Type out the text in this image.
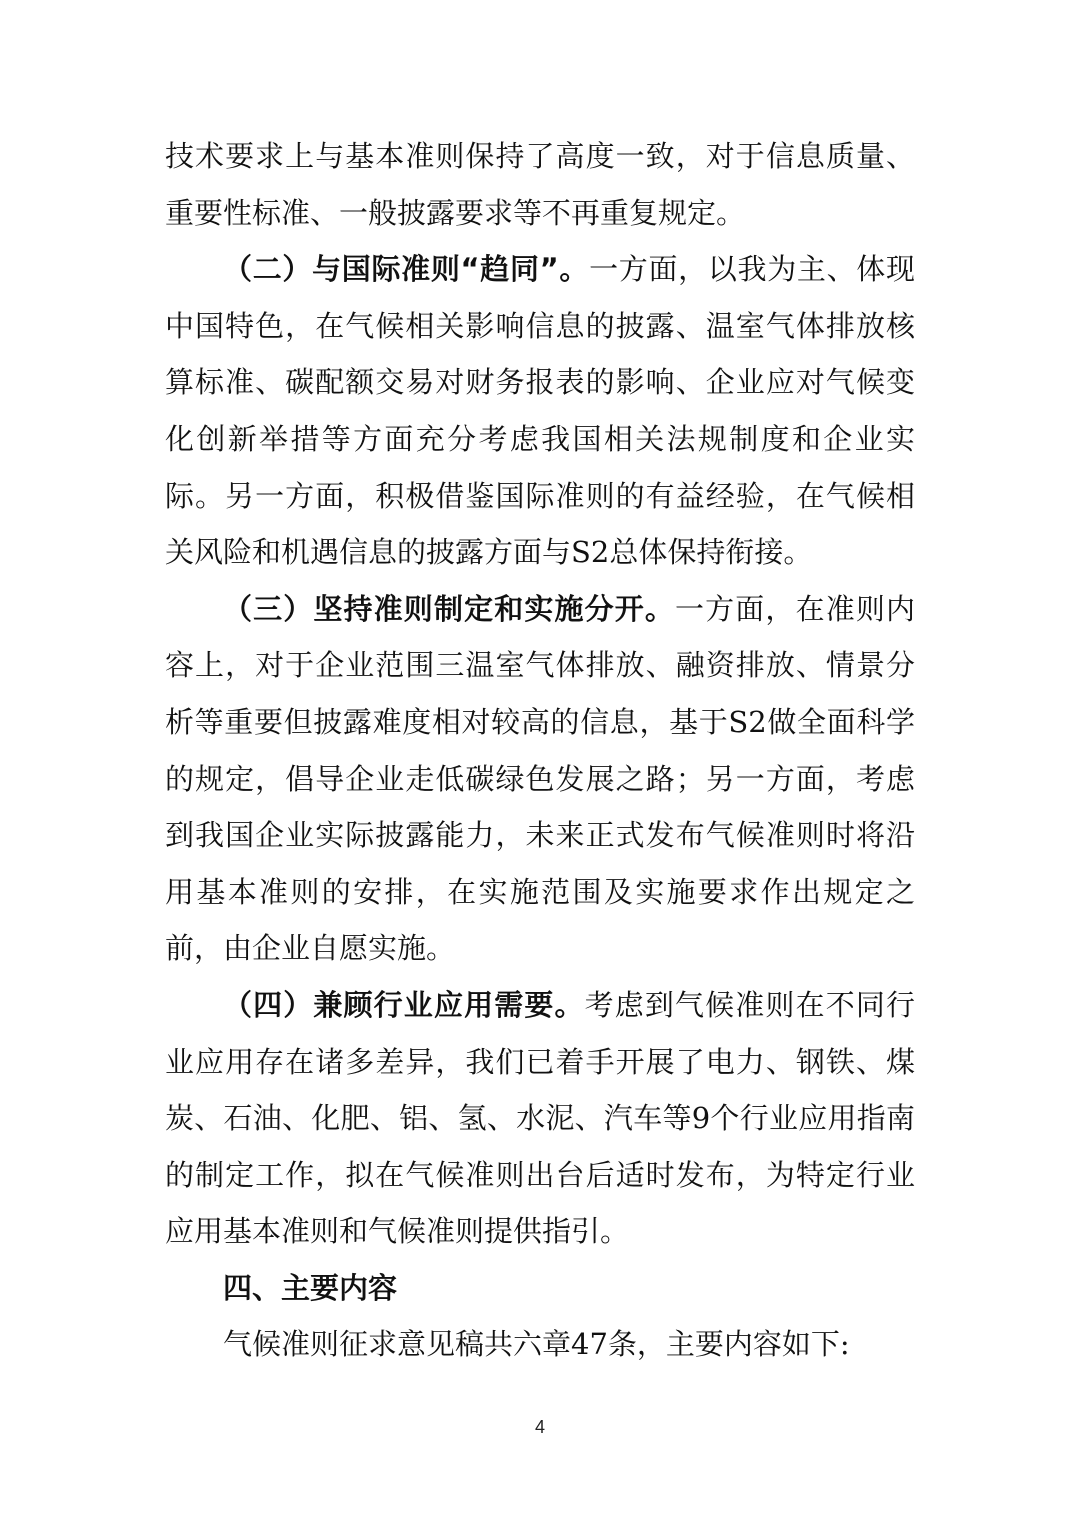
技术要求上与基本准则保持了高度一致，对于信息质量、重要性标准、一般披露要求等不再重复规定。

（二）与国际准则“趋同”。一方面，以我为主、体现中国特色，在气候相关影响信息的披露、温室气体排放核算标准、碳配额交易对财务报表的影响、企业应对气候变化创新举措等方面充分考虑我国相关法规制度和企业实际。另一方面，积极借鉴国际准则的有益经验，在气候相关风险和机遇信息的披露方面与S2总体保持衔接。

（三）坚持准则制定和实施分开。一方面，在准则内容上，对于企业范围三温室气体排放、融资排放、情景分析等重要但披露难度相对较高的信息，基于S2做全面科学的规定，倡导企业走低碳绿色发展之路；另一方面，考虑到我国企业实际披露能力，未来正式发布气候准则时将沿用基本准则的安排，在实施范围及实施要求作出规定之前，由企业自愿实施。

（四）兼顾行业应用需要。考虑到气候准则在不同行业应用存在诸多差异，我们已着手开展了电力、钢铁、煤炭、石油、化肥、铝、氢、水泥、汽车等9个行业应用指南的制定工作，拟在气候准则出台后适时发布，为特定行业应用基本准则和气候准则提供指引。

四、主要内容

气候准则征求意见稿共六章47条，主要内容如下:

4
